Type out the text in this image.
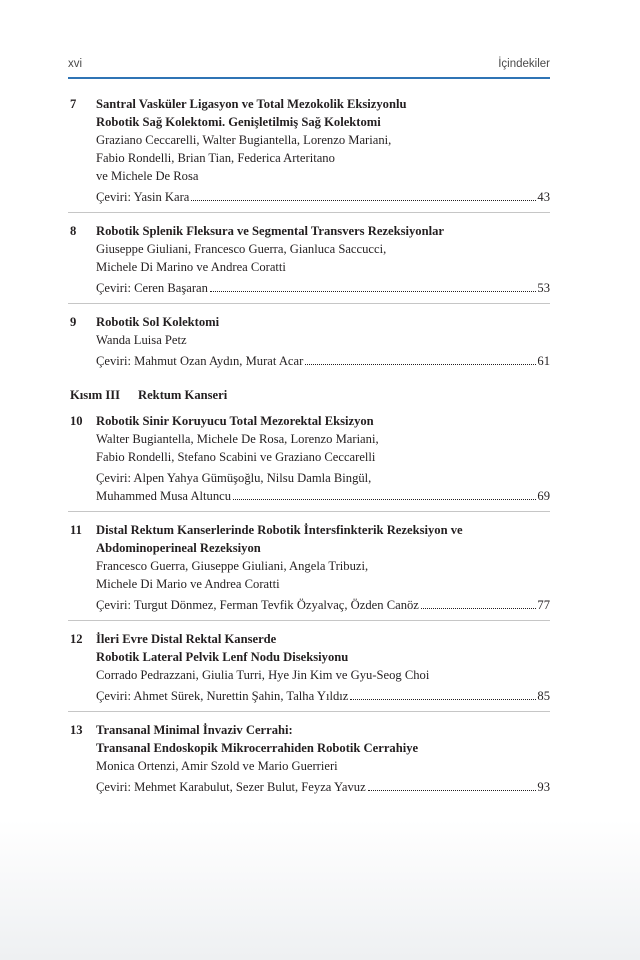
xvi	İçindekiler
7 Santral Vasküler Ligasyon ve Total Mezokolik Eksizyonlu
Robotik Sağ Kolektomi. Genişletilmiş Sağ Kolektomi
Graziano Ceccarelli, Walter Bugiantella, Lorenzo Mariani,
Fabio Rondelli, Brian Tian, Federica Arteritano
ve Michele De Rosa
Çeviri: Yasin Kara	43
8 Robotik Splenik Fleksura ve Segmental Transvers Rezeksiyonlar
Giuseppe Giuliani, Francesco Guerra, Gianluca Saccucci,
Michele Di Marino ve Andrea Coratti
Çeviri: Ceren Başaran	53
9 Robotik Sol Kolektomi
Wanda Luisa Petz
Çeviri: Mahmut Ozan Aydın, Murat Acar	61
Kısım III Rektum Kanseri
10 Robotik Sinir Koruyucu Total Mezorektal Eksizyon
Walter Bugiantella, Michele De Rosa, Lorenzo Mariani,
Fabio Rondelli, Stefano Scabini ve Graziano Ceccarelli
Çeviri: Alpen Yahya Gümüşoğlu, Nilsu Damla Bingül,
Muhammed Musa Altuncu	69
11 Distal Rektum Kanserlerinde Robotik İntersfinkterik Rezeksiyon ve
Abdominoperineal Rezeksiyon
Francesco Guerra, Giuseppe Giuliani, Angela Tribuzi,
Michele Di Mario ve Andrea Coratti
Çeviri: Turgut Dönmez, Ferman Tevfik Özyalvaç, Özden Canöz	77
12 İleri Evre Distal Rektal Kanserde
Robotik Lateral Pelvik Lenf Nodu Diseksiyonu
Corrado Pedrazzani, Giulia Turri, Hye Jin Kim ve Gyu-Seog Choi
Çeviri: Ahmet Sürek, Nurettin Şahin, Talha Yıldız	85
13 Transanal Minimal İnvaziv Cerrahi:
Transanal Endoskopik Mikrocerrahiden Robotik Cerrahiye
Monica Ortenzi, Amir Szold ve Mario Guerrieri
Çeviri: Mehmet Karabulut, Sezer Bulut, Feyza Yavuz	93
